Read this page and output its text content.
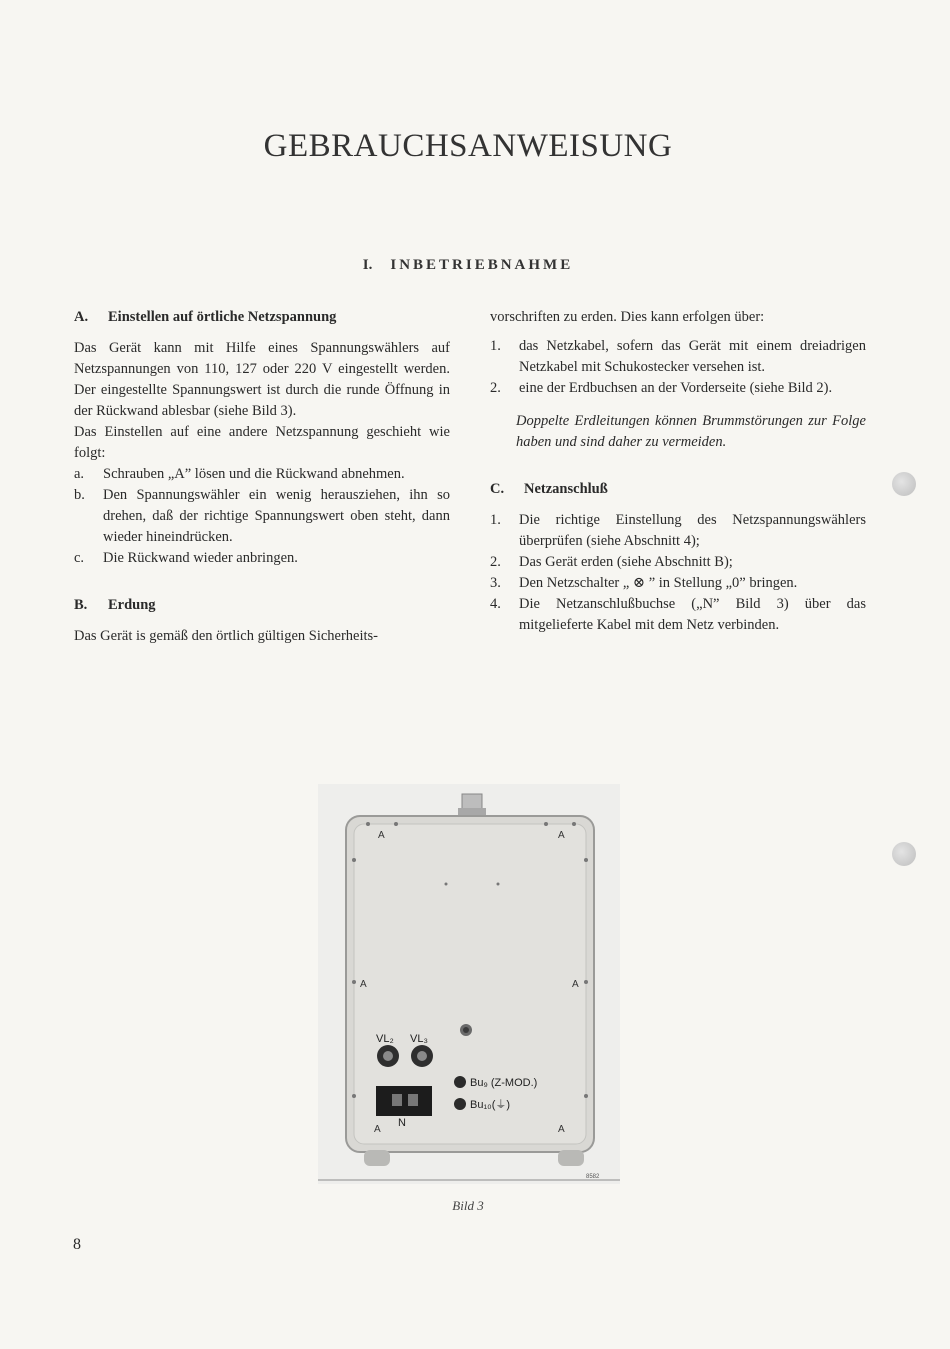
GEBRAUCHSANWEISUNG
I. INBETRIEBNAHME
A. Einstellen auf örtliche Netzspannung

Das Gerät kann mit Hilfe eines Spannungswählers auf Netzspannungen von 110, 127 oder 220 V eingestellt werden. Der eingestellte Spannungswert ist durch die runde Öffnung in der Rückwand ablesbar (siehe Bild 3).

Das Einstellen auf eine andere Netzspannung geschieht wie folgt:

a.	Schrauben „A” lösen und die Rückwand abnehmen.
b.	Den Spannungswähler ein wenig herausziehen, ihn so drehen, daß der richtige Spannungswert oben steht, dann wieder hineindrücken.
c.	Die Rückwand wieder anbringen.
B. Erdung

Das Gerät is gemäß den örtlich gültigen Sicherheits-

vorschriften zu erden. Dies kann erfolgen über:

1.	das Netzkabel, sofern das Gerät mit einem dreiadrigen Netzkabel mit Schukostecker versehen ist.
2.	eine der Erdbuchsen an der Vorderseite (siehe Bild 2).

Doppelte Erdleitungen können Brummstörungen zur Folge haben und sind daher zu vermeiden.

C. Netzanschluß
1.	Die richtige Einstellung des Netzspannungswählers überprüfen (siehe Abschnitt 4);
2.	Das Gerät erden (siehe Abschnitt B);
3.	Den Netzschalter „ ⊗ ” in Stellung „0” bringen.
4.	Die Netzanschlußbuchse („N” Bild 3) über das mitgelieferte Kabel mit dem Netz verbinden.
A	A
A	A
A	A
VL₂ VL₃
Bu₉ (Z-MOD.)
Bu₁₀(⏚)
N
8582
Bild 3
8
